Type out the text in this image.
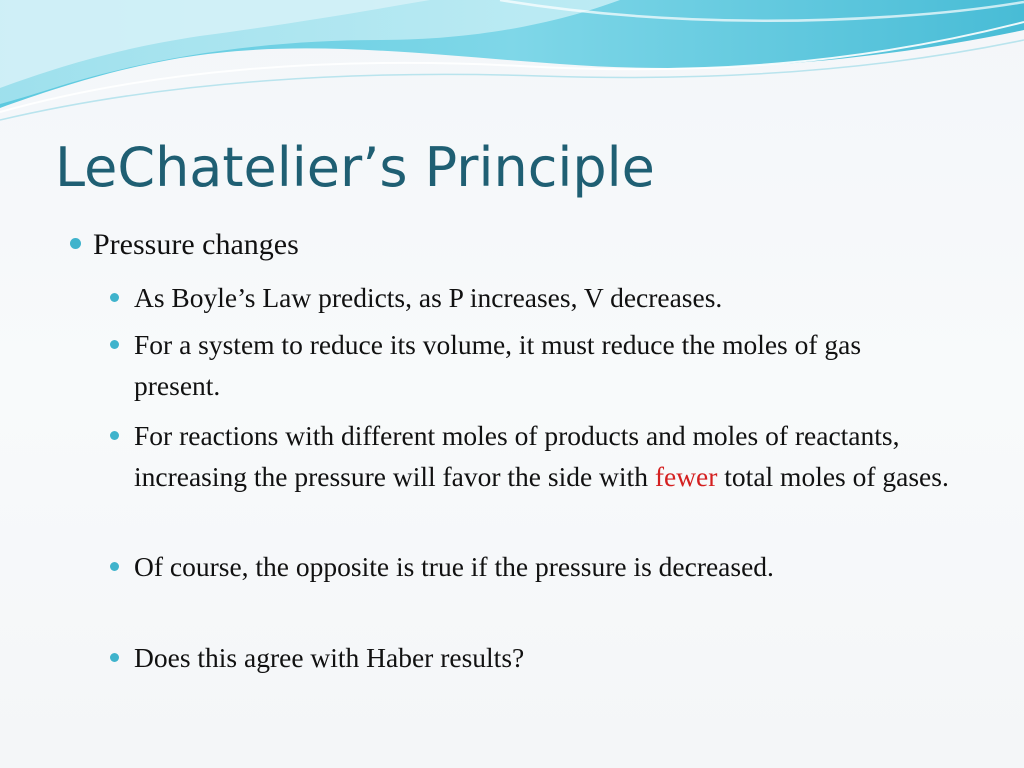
LeChatelier’s Principle
Pressure changes
As Boyle’s Law predicts, as P increases, V decreases.
For a system to reduce its volume, it must reduce the moles of gas present.
For reactions with different moles of products and moles of reactants, increasing the pressure will favor the side with fewer total moles of gases.
Of course, the opposite is true if the pressure is decreased.
Does this agree with Haber results?
